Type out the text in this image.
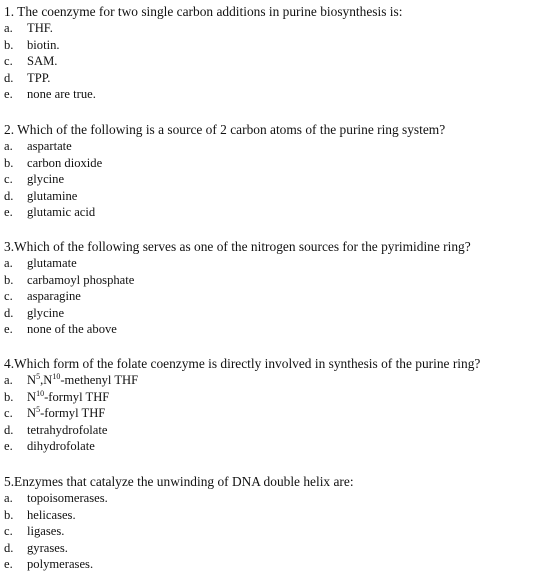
1. The coenzyme for two single carbon additions in purine biosynthesis is:
a.	THF.
b.	biotin.
c.	SAM.
d.	TPP.
e.	none are true.
2. Which of the following is a source of 2 carbon atoms of the purine ring system?
a.	aspartate
b.	carbon dioxide
c.	glycine
d.	glutamine
e.	glutamic acid
3.Which of the following serves as one of the nitrogen sources for the pyrimidine ring?
a.	glutamate
b.	carbamoyl phosphate
c.	asparagine
d.	glycine
e.	none of the above
4.Which form of the folate coenzyme is directly involved in synthesis of the purine ring?
a.	$N^5,N^{10}$-methenyl THF
b.	$N^{10}$-formyl THF
c.	$N^5$-formyl THF
d.	tetrahydrofolate
e.	dihydrofolate
5.Enzymes that catalyze the unwinding of DNA double helix are:
a.	topoisomerases.
b.	helicases.
c.	ligases.
d.	gyrases.
e.	polymerases.
